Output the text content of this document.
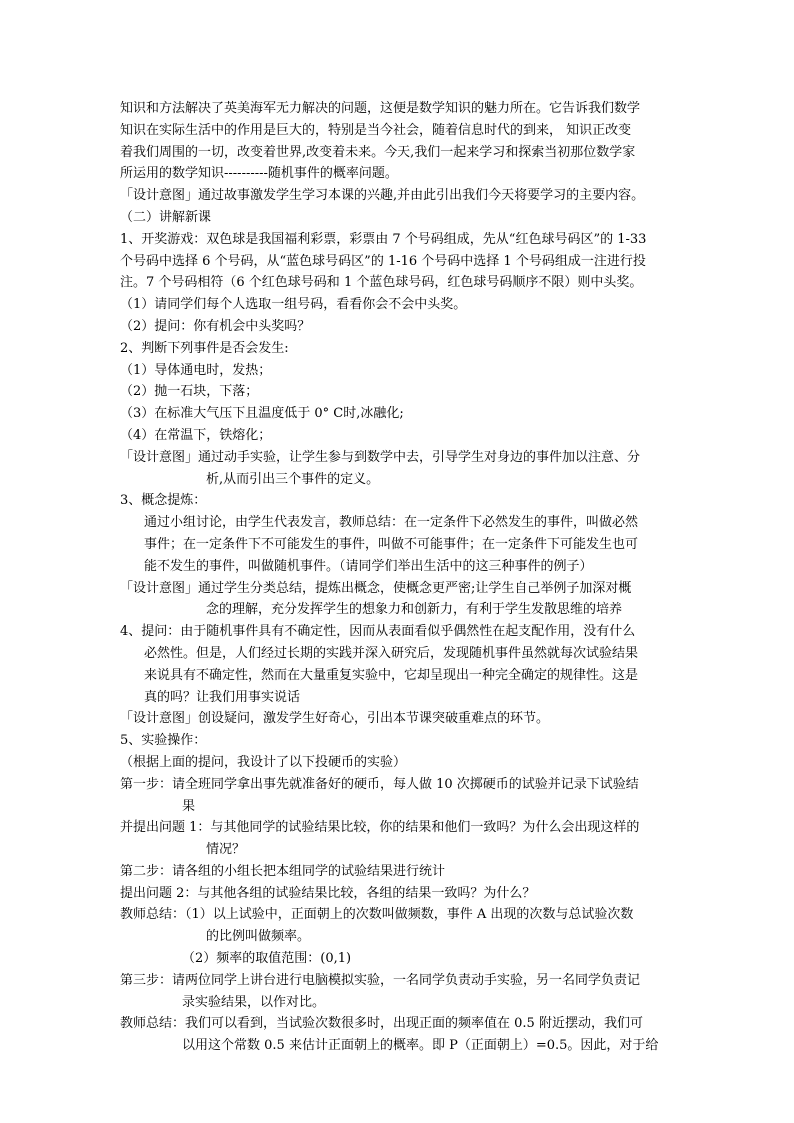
知识和方法解决了英美海军无力解决的问题，这便是数学知识的魅力所在。它告诉我们数学
知识在实际生活中的作用是巨大的，特别是当今社会，随着信息时代的到来， 知识正改变
着我们周围的一切，改变着世界,改变着未来。今天,我们一起来学习和探索当初那位数学家
所运用的数学知识----------随机事件的概率问题。
「设计意图」通过故事激发学生学习本课的兴趣,并由此引出我们今天将要学习的主要内容。
（二）讲解新课
1、开奖游戏：双色球是我国福利彩票，彩票由 7 个号码组成，先从“红色球号码区”的 1-33
个号码中选择 6 个号码，从“蓝色球号码区”的 1-16 个号码中选择 1 个号码组成一注进行投
注。7 个号码相符（6 个红色球号码和 1 个蓝色球号码，红色球号码顺序不限）则中头奖。
（1）请同学们每个人选取一组号码，看看你会不会中头奖。
（2）提问：你有机会中头奖吗？
2、判断下列事件是否会发生:
（1）导体通电时，发热；
（2）抛一石块，下落；
（3）在标准大气压下且温度低于 0° C时,冰融化;
（4）在常温下，铁熔化；
「设计意图」通过动手实验，让学生参与到数学中去，引导学生对身边的事件加以注意、分
析,从而引出三个事件的定义。
3、概念提炼：
通过小组讨论，由学生代表发言，教师总结：在一定条件下必然发生的事件，叫做必然
事件；在一定条件下不可能发生的事件，叫做不可能事件；在一定条件下可能发生也可
能不发生的事件，叫做随机事件。（请同学们举出生活中的这三种事件的例子）
「设计意图」通过学生分类总结，提炼出概念，使概念更严密;让学生自己举例子加深对概
念的理解，充分发挥学生的想象力和创新力，有利于学生发散思维的培养
4、提问：由于随机事件具有不确定性，因而从表面看似乎偶然性在起支配作用，没有什么
必然性。但是，人们经过长期的实践并深入研究后，发现随机事件虽然就每次试验结果
来说具有不确定性，然而在大量重复实验中，它却呈现出一种完全确定的规律性。这是
真的吗？让我们用事实说话
「设计意图」创设疑问，激发学生好奇心，引出本节课突破重难点的环节。
5、实验操作：
（根据上面的提问，我设计了以下投硬币的实验）
第一步：请全班同学拿出事先就准备好的硬币，每人做 10 次掷硬币的试验并记录下试验结
果
并提出问题 1：与其他同学的试验结果比较，你的结果和他们一致吗？为什么会出现这样的
情况？
第二步：请各组的小组长把本组同学的试验结果进行统计
提出问题 2：与其他各组的试验结果比较，各组的结果一致吗？为什么？
教师总结：（1）以上试验中，正面朝上的次数叫做频数，事件 A 出现的次数与总试验次数
的比例叫做频率。
（2）频率的取值范围：(0,1)
第三步：请两位同学上讲台进行电脑模拟实验，一名同学负责动手实验，另一名同学负责记
录实验结果，以作对比。
教师总结：我们可以看到，当试验次数很多时，出现正面的频率值在 0.5 附近摆动，我们可
以用这个常数 0.5 来估计正面朝上的概率。即 P（正面朝上）=0.5。因此，对于给
